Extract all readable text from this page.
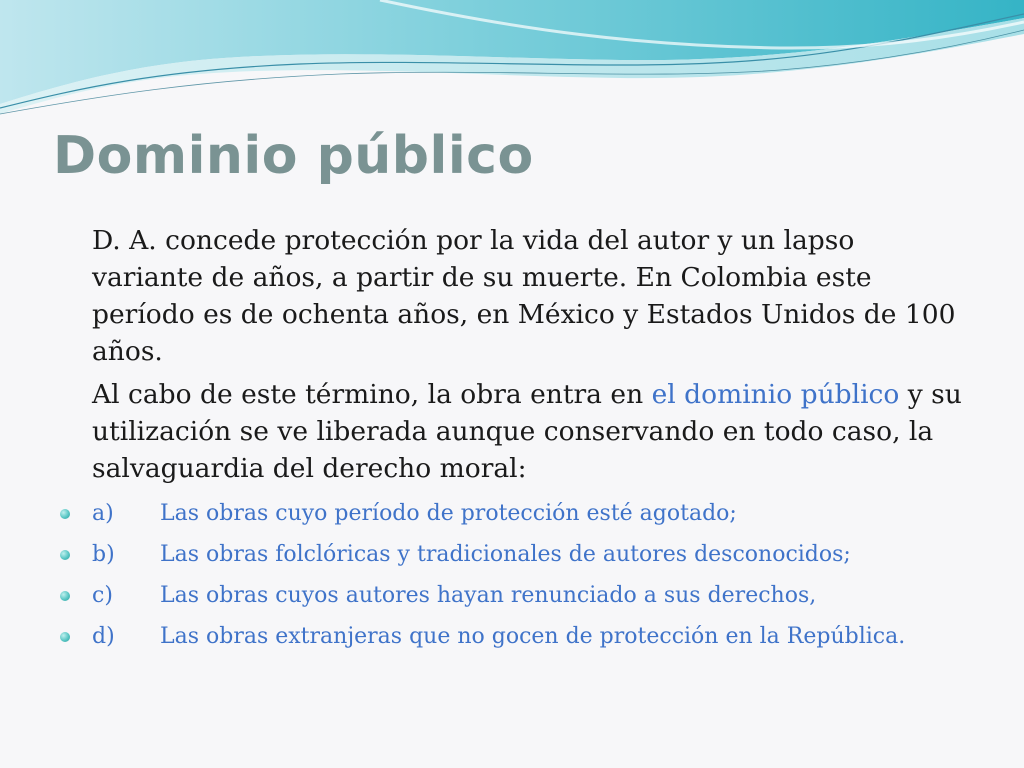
Dominio público

D. A. concede protección por la vida del autor y un lapso variante de años, a partir de su muerte. En Colombia este período es de ochenta años, en México y Estados Unidos de 100 años.

Al cabo de este término, la obra entra en el dominio público y su utilización se ve liberada aunque conservando en todo caso, la salvaguardia del derecho moral:

a)	Las obras cuyo período de protección esté agotado;
b)	Las obras folclóricas y tradicionales de autores desconocidos;
c)	Las obras cuyos autores hayan renunciado a sus derechos,
d)	Las obras extranjeras que no gocen de protección en la República.
